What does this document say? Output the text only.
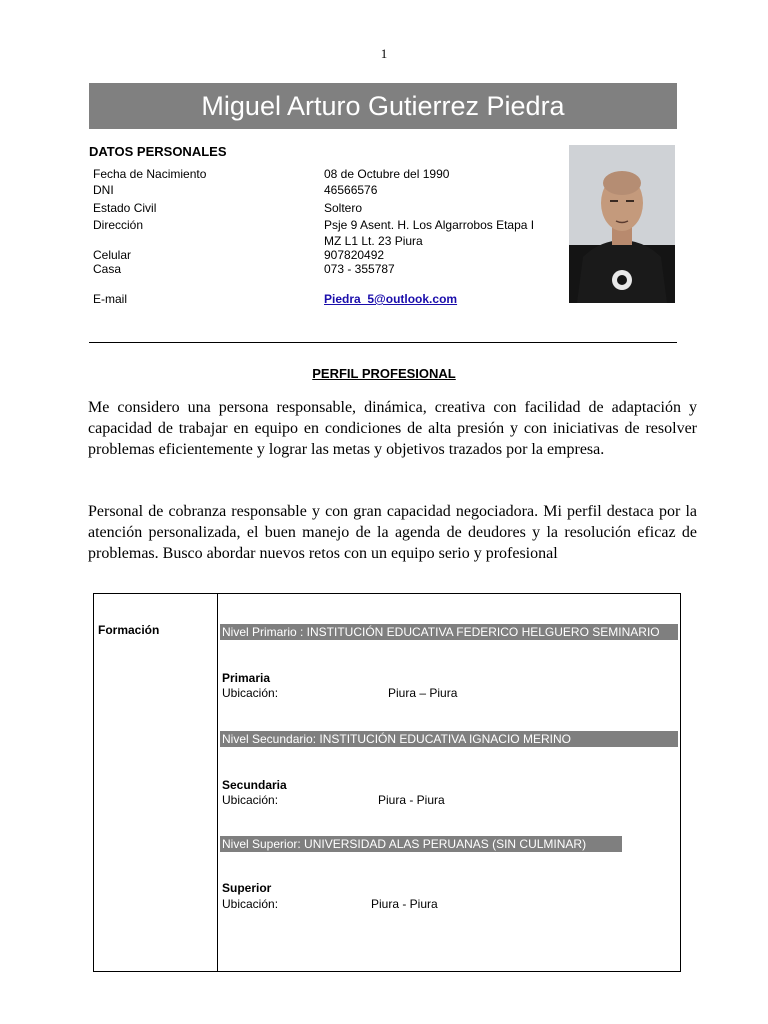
1
Miguel Arturo Gutierrez Piedra
DATOS PERSONALES
Fecha de Nacimiento	08 de Octubre del 1990
DNI	46566576
Estado Civil	Soltero
Dirección	Psje 9 Asent. H. Los Algarrobos Etapa I
MZ L1 Lt. 23 Piura
Celular	907820492
Casa	073 - 355787
E-mail	Piedra_5@outlook.com
PERFIL PROFESIONAL
Me considero una persona responsable, dinámica, creativa con facilidad de adaptación y capacidad de trabajar en equipo en condiciones de alta presión y con iniciativas de resolver problemas eficientemente y lograr las metas y objetivos trazados por la empresa.
Personal de cobranza responsable y con gran capacidad negociadora. Mi perfil destaca por la atención personalizada, el buen manejo de la agenda de deudores y la resolución eficaz de problemas. Busco abordar nuevos retos con un equipo serio y profesional
Formación	Nivel Primario : INSTITUCIÓN EDUCATIVA FEDERICO HELGUERO SEMINARIO
Primaria
Ubicación:	Piura – Piura
Nivel Secundario: INSTITUCIÓN EDUCATIVA IGNACIO MERINO
Secundaria
Ubicación:	Piura - Piura
Nivel Superior: UNIVERSIDAD ALAS PERUANAS (SIN CULMINAR)
Superior
Ubicación:	Piura - Piura
